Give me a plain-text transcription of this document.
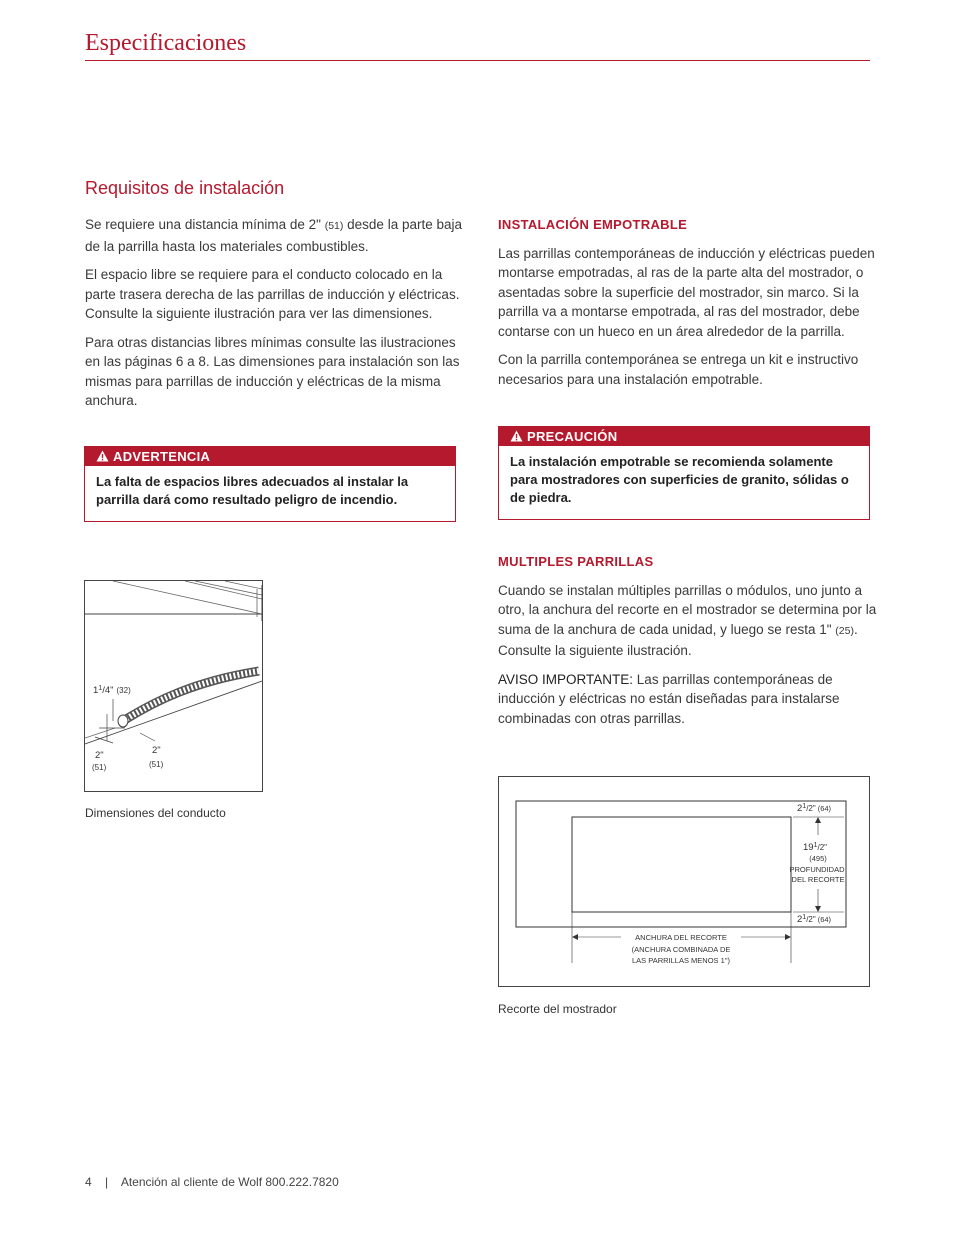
Especificaciones
Requisitos de instalación

Se requiere una distancia mínima de 2" (51) desde la parte baja de la parrilla hasta los materiales combustibles.

El espacio libre se requiere para el conducto colocado en la parte trasera derecha de las parrillas de inducción y eléctricas. Consulte la siguiente ilustración para ver las dimensiones.

Para otras distancias libres mínimas consulte las ilustraciones en las páginas 6 a 8. Las dimensiones para instalación son las mismas para parrillas de inducción y eléctricas de la misma anchura.

ADVERTENCIA
La falta de espacios libres adecuados al instalar la parrilla dará como resultado peligro de incendio.
$1^1/4$" (32)
2"
(51)
2"
(51)
Dimensiones del conducto
INSTALACIÓN EMPOTRABLE

Las parrillas contemporáneas de inducción y eléctricas pueden montarse empotradas, al ras de la parte alta del mostrador, o asentadas sobre la superficie del mostrador, sin marco. Si la parrilla va a montarse empotrada, al ras del mostrador, debe contarse con un hueco en un área alrededor de la parrilla.

Con la parrilla contemporánea se entrega un kit e instructivo necesarios para una instalación empotrable.

PRECAUCIÓN
La instalación empotrable se recomienda solamente para mostradores con superficies de granito, sólidas o de piedra.
MULTIPLES PARRILLAS

Cuando se instalan múltiples parrillas o módulos, uno junto a otro, la anchura del recorte en el mostrador se determina por la suma de la anchura de cada unidad, y luego se resta 1" (25). Consulte la siguiente ilustración.

AVISO IMPORTANTE: Las parrillas contemporáneas de inducción y eléctricas no están diseñadas para instalarse combinadas con otras parrillas.

$2^1_{/2"}$ (64)
$19^1_{/2"}$
(495)
PROFUNDIDAD
DEL RECORTE
$2^1_{/2"}$ (64)
ANCHURA DEL RECORTE
(ANCHURA COMBINADA DE
LAS PARRILLAS MENOS 1")
Recorte del mostrador
4 | Atención al cliente de Wolf 800.222.7820
